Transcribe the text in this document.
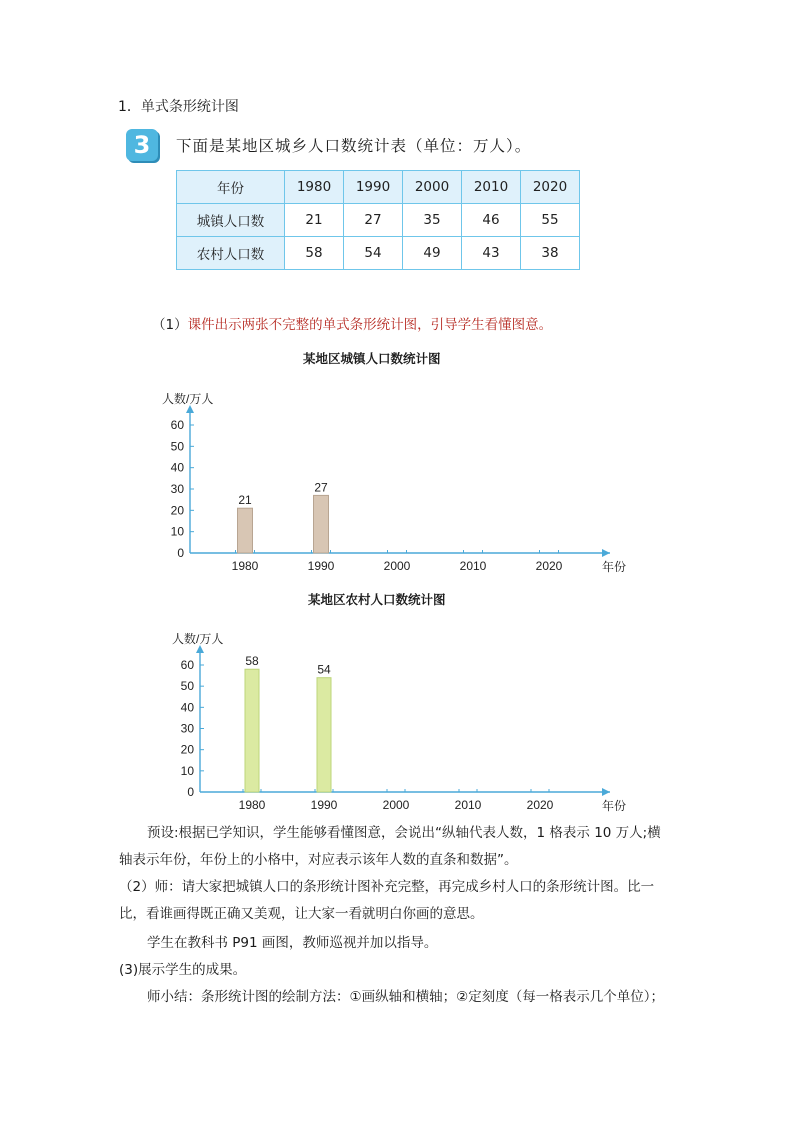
1．单式条形统计图
3	下面是某地区城乡人口数统计表（单位：万人）。
年份	1980	1990	2000	2010	2020
城镇人口数	21	27	35	46	55
农村人口数	58	54	49	43	38
（1）课件出示两张不完整的单式条形统计图，引导学生看懂图意。
某地区城镇人口数统计图
人数/万人
年份
0
10
20
30
40
50
60
1980
21
1990
27
2000	2010	2020
某地区农村人口数统计图
人数/万人
年份
0
10
20
30
40
50
60
1980
58
1990
54
2000	2010	2020
预设:根据已学知识，学生能够看懂图意，会说出“纵轴代表人数，1 格表示 10 万人;横
轴表示年份，年份上的小格中，对应表示该年人数的直条和数据”。
（2）师：请大家把城镇人口的条形统计图补充完整，再完成乡村人口的条形统计图。比一
比，看谁画得既正确又美观，让大家一看就明白你画的意思。
学生在教科书 P91 画图，教师巡视并加以指导。
(3)展示学生的成果。
师小结：条形统计图的绘制方法：①画纵轴和横轴；②定刻度（每一格表示几个单位）；
